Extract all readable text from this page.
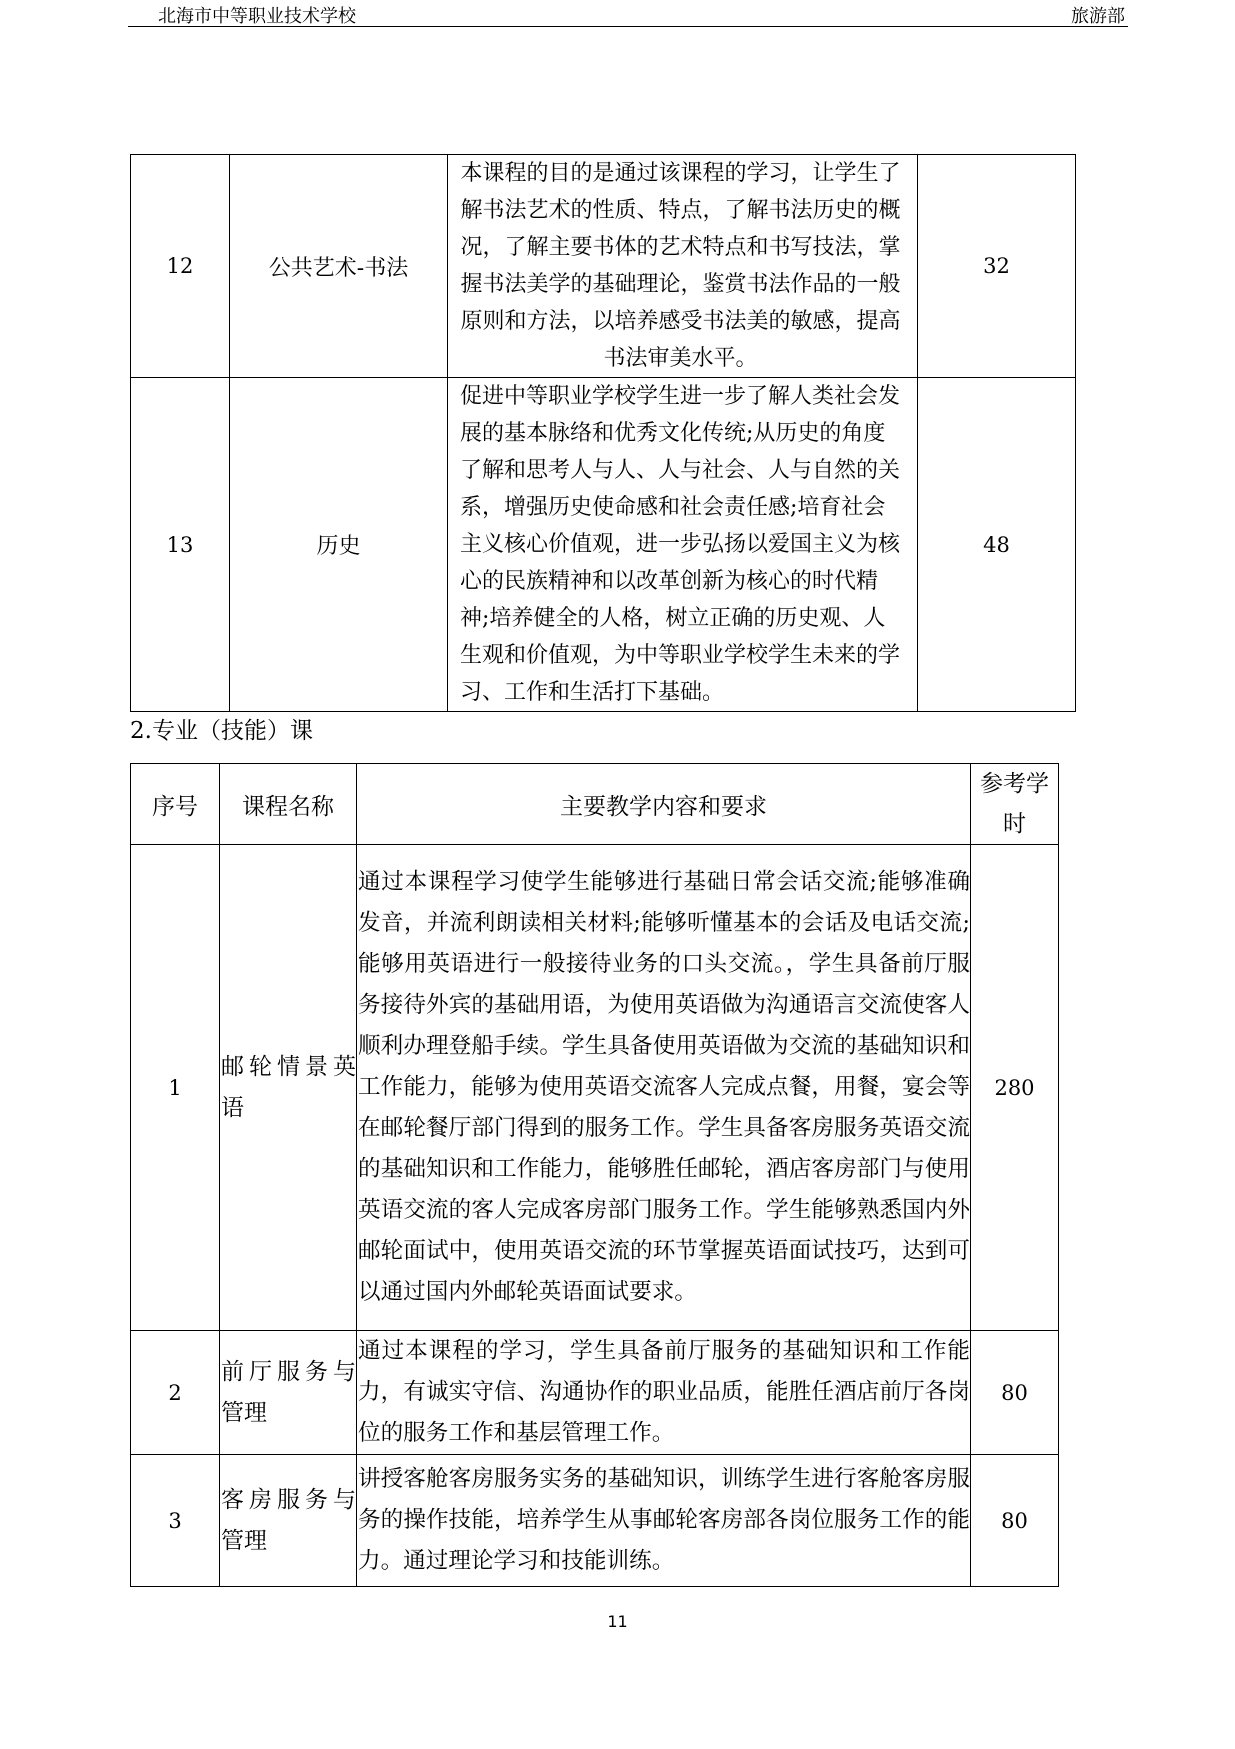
北海市中等职业技术学校	旅游部
12	公共艺术-书法	本课程的目的是通过该课程的学习，让学生了解书法艺术的性质、特点，了解书法历史的概况，了解主要书体的艺术特点和书写技法，掌握书法美学的基础理论，鉴赏书法作品的一般原则和方法，以培养感受书法美的敏感，提高书法审美水平。	32
13	历史	促进中等职业学校学生进一步了解人类社会发展的基本脉络和优秀文化传统;从历史的角度了解和思考人与人、人与社会、人与自然的关系，增强历史使命感和社会责任感;培育社会主义核心价值观，进一步弘扬以爱国主义为核心的民族精神和以改革创新为核心的时代精神;培养健全的人格，树立正确的历史观、人生观和价值观，为中等职业学校学生未来的学习、工作和生活打下基础。	48
2.专业（技能）课
序号	课程名称	主要教学内容和要求	参考学时
1	邮轮情景英语	通过本课程学习使学生能够进行基础日常会话交流;能够准确发音，并流利朗读相关材料;能够听懂基本的会话及电话交流;能够用英语进行一般接待业务的口头交流。，学生具备前厅服务接待外宾的基础用语，为使用英语做为沟通语言交流使客人顺利办理登船手续。学生具备使用英语做为交流的基础知识和工作能力，能够为使用英语交流客人完成点餐，用餐，宴会等在邮轮餐厅部门得到的服务工作。学生具备客房服务英语交流的基础知识和工作能力，能够胜任邮轮，酒店客房部门与使用英语交流的客人完成客房部门服务工作。学生能够熟悉国内外邮轮面试中，使用英语交流的环节掌握英语面试技巧，达到可以通过国内外邮轮英语面试要求。	280
2	前厅服务与管理	通过本课程的学习，学生具备前厅服务的基础知识和工作能力，有诚实守信、沟通协作的职业品质，能胜任酒店前厅各岗位的服务工作和基层管理工作。	80
3	客房服务与管理	讲授客舱客房服务实务的基础知识，训练学生进行客舱客房服务的操作技能，培养学生从事邮轮客房部各岗位服务工作的能力。通过理论学习和技能训练。	80
11
